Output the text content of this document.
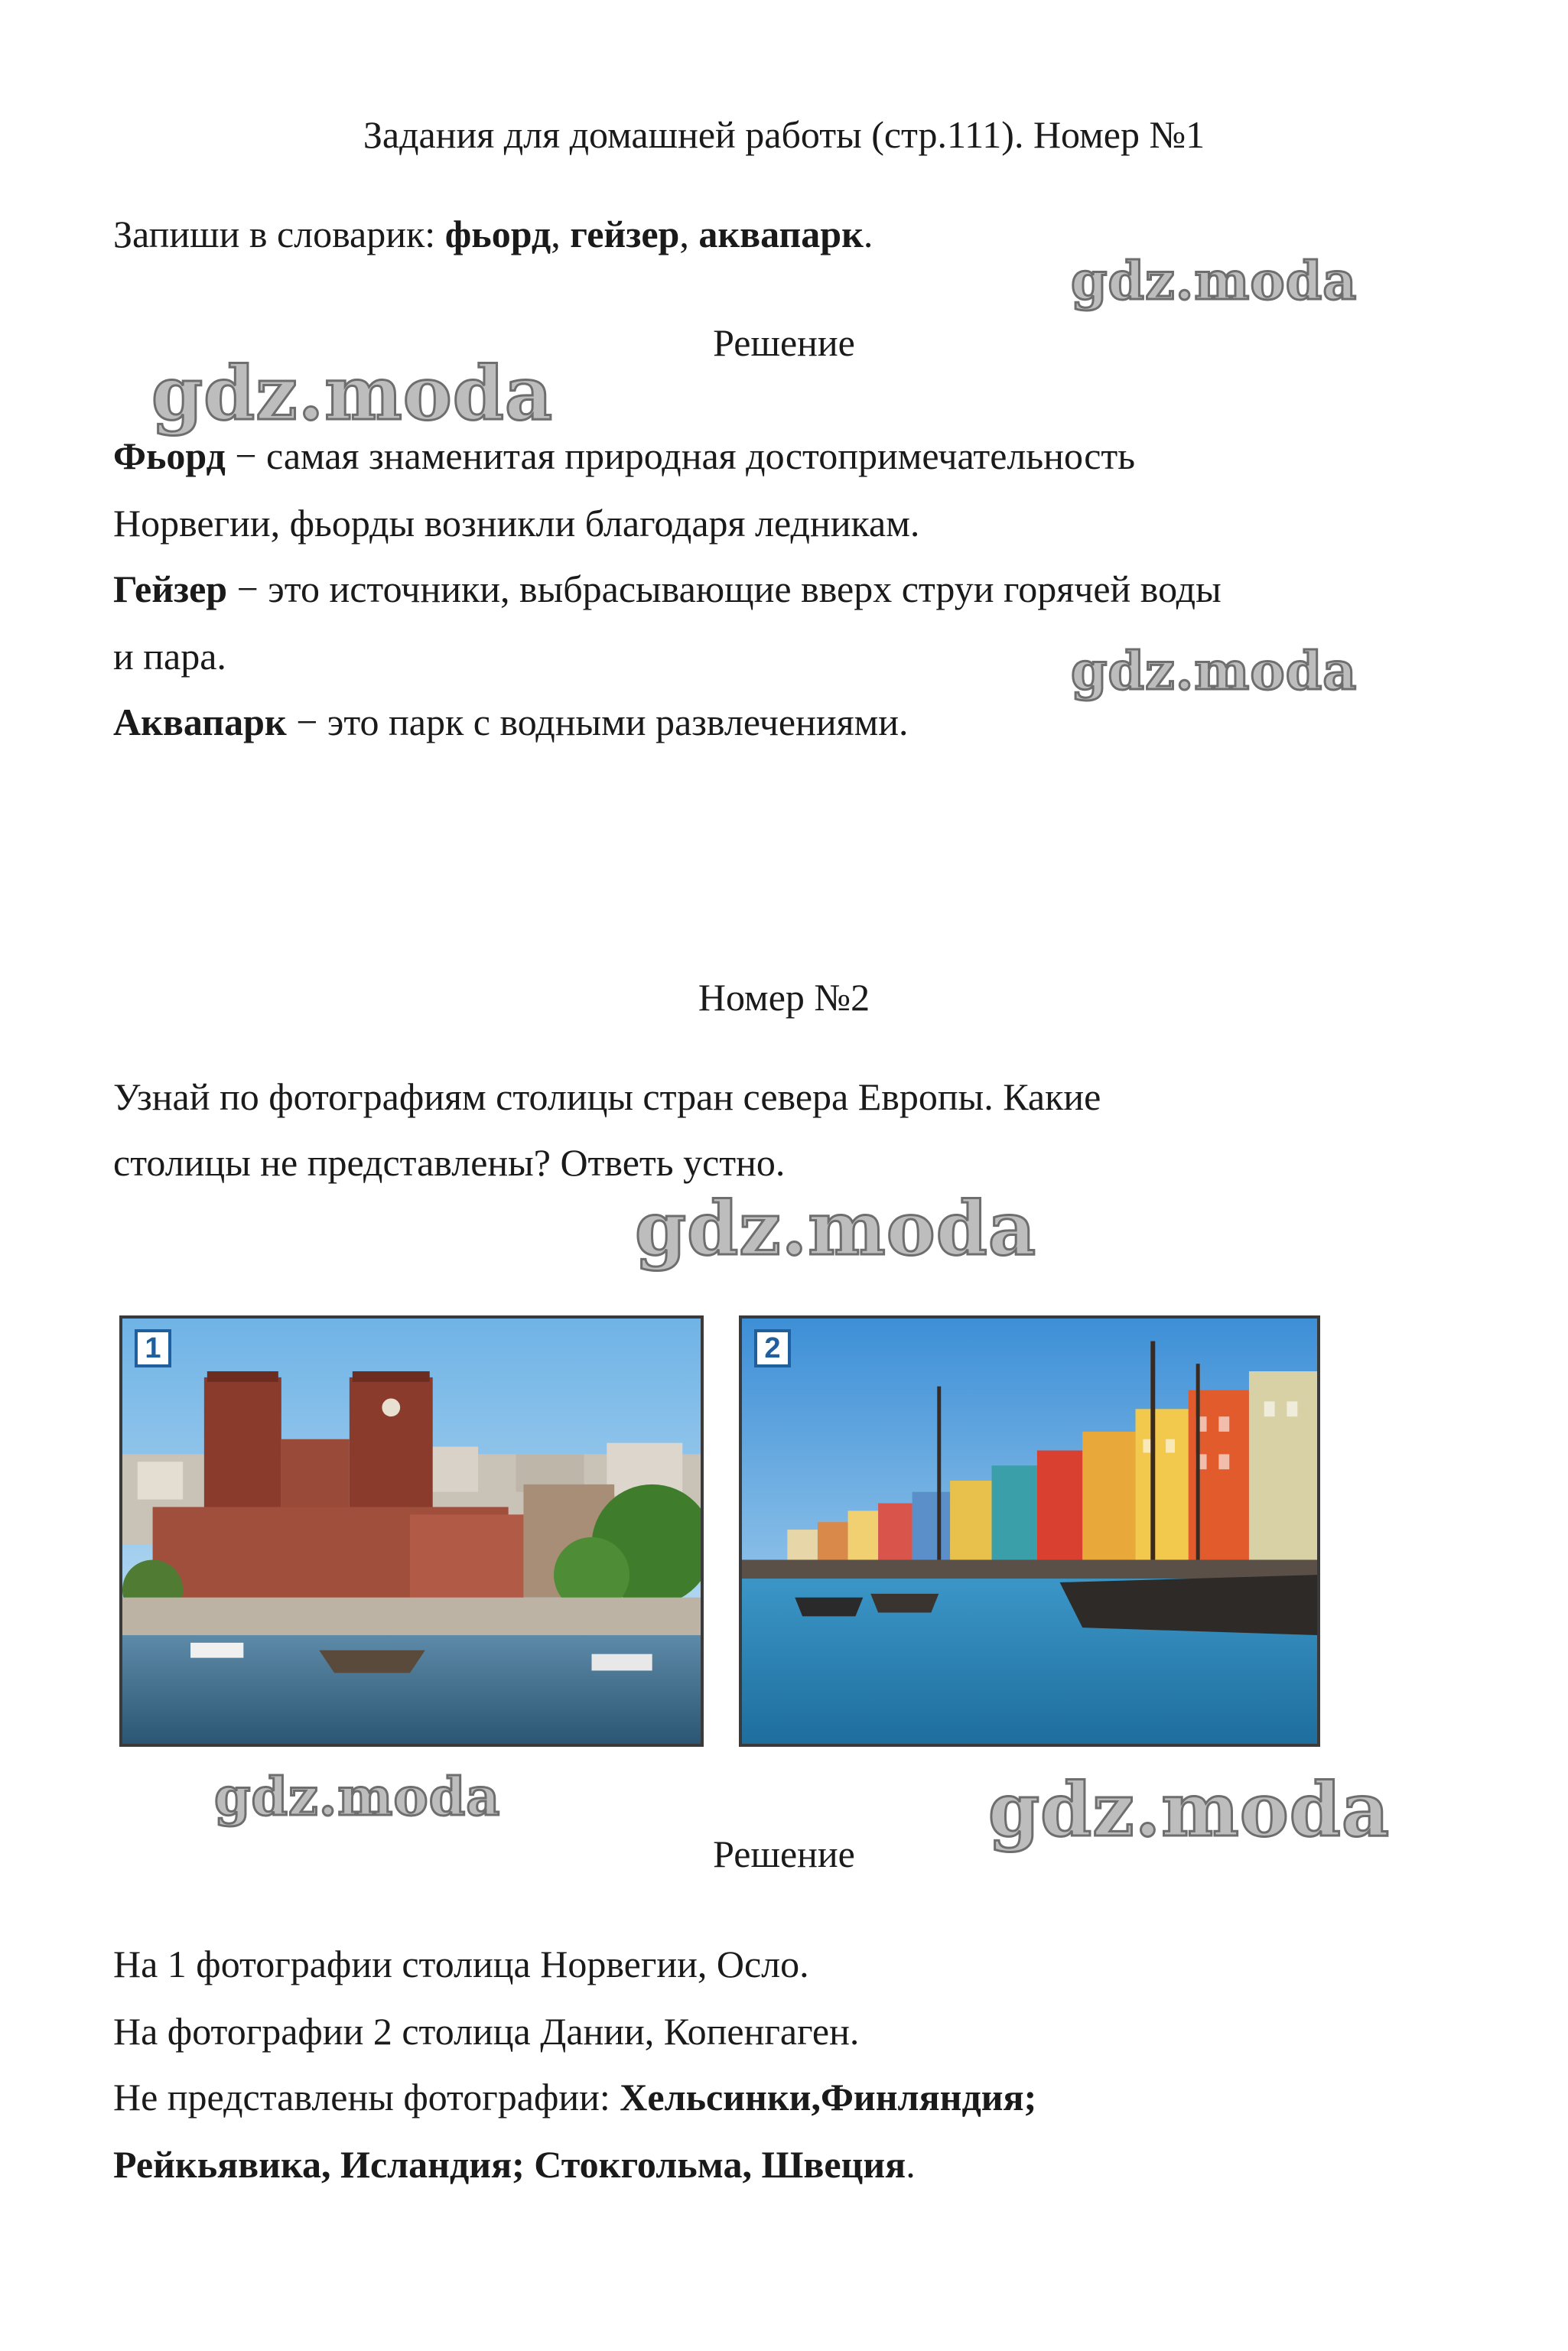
gdz.moda
gdz.moda
gdz.moda
gdz.moda
gdz.moda	gdz.moda

Задания для домашней работы (стр.111). Номер №1

Запиши в словарик: фьорд, гейзер, аквапарк.

Решение

Фьорд − самая знаменитая природная достопримечательность

Норвегии, фьорды возникли благодаря ледникам.

Гейзер − это источники, выбрасывающие вверх струи горячей воды

и пара.

Аквапарк − это парк с водными развлечениями.

Номер №2

Узнай по фотографиям столицы стран севера Европы. Какие

столицы не представлены? Ответь устно.

1	2

Решение

На 1 фотографии столица Норвегии, Осло.

На фотографии 2 столица Дании, Копенгаген.

Не представлены фотографии: Хельсинки,Финляндия;

Рейкьявика, Исландия; Стокгольма, Швеция.
